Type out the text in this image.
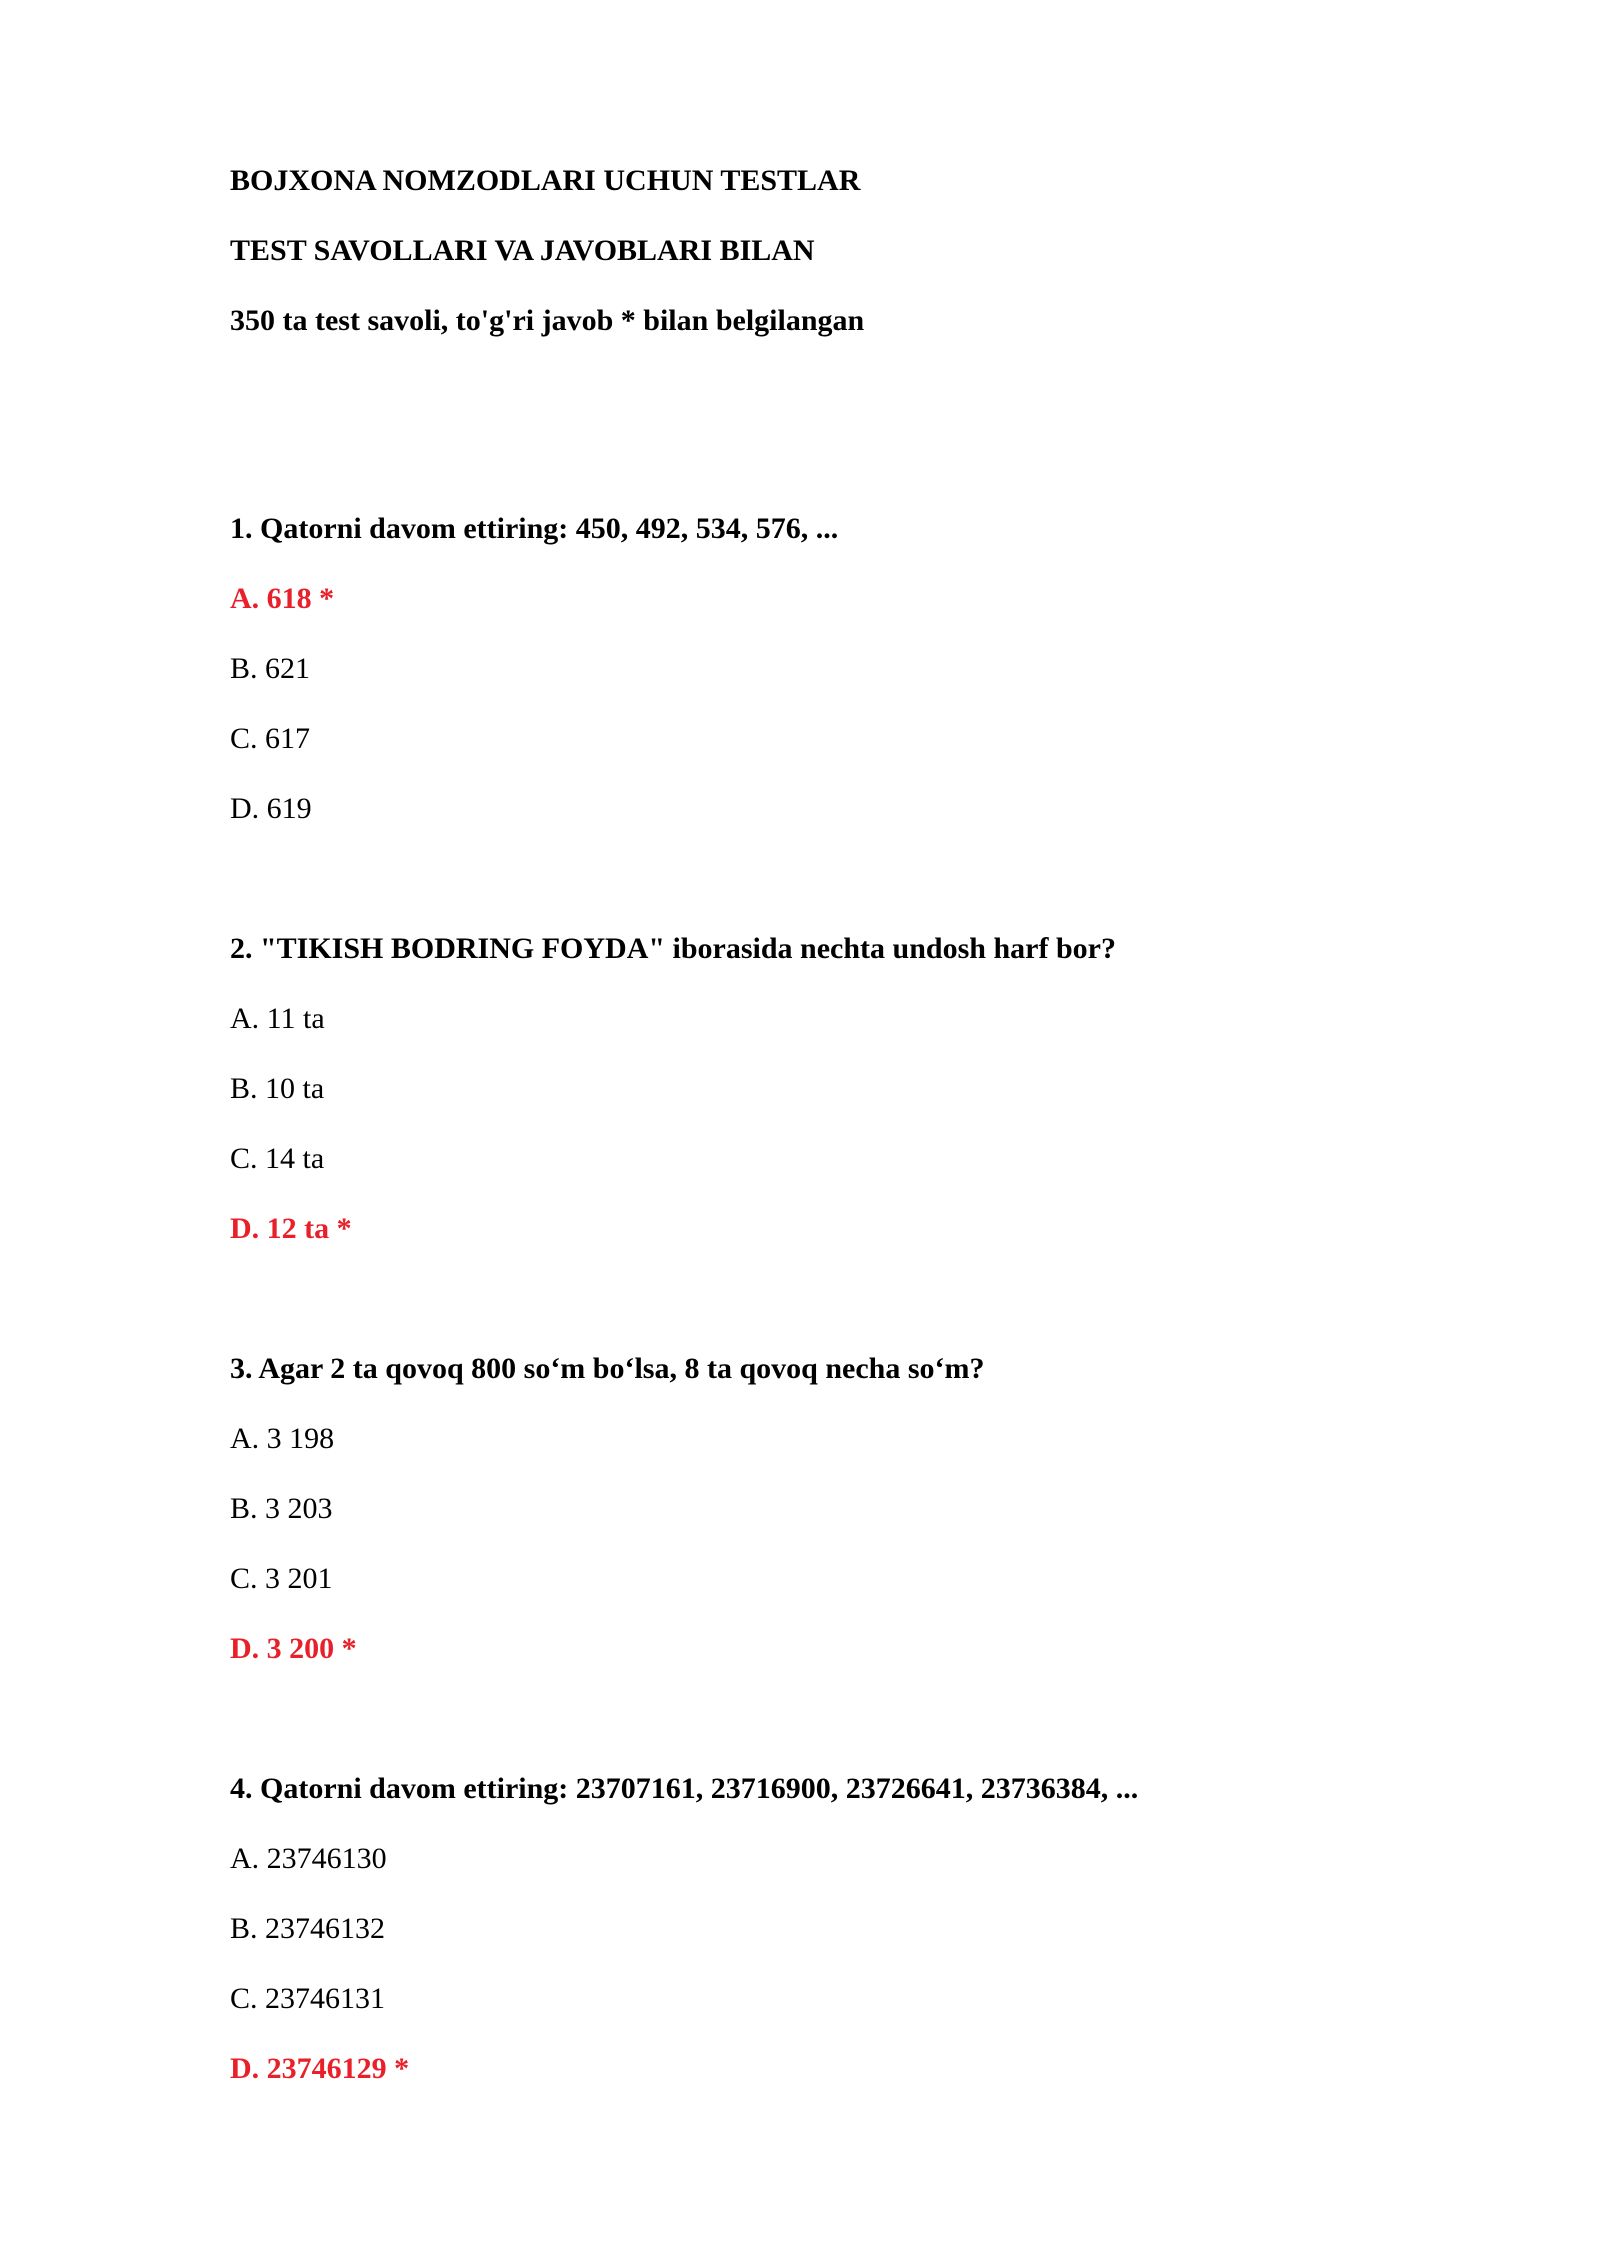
BOJXONA NOMZODLARI UCHUN TESTLAR
TEST SAVOLLARI VA JAVOBLARI BILAN
350 ta test savoli, to'g'ri javob * bilan belgilangan
1. Qatorni davom ettiring: 450, 492, 534, 576, ...
A. 618 *
B. 621
C. 617
D. 619
2. "TIKISH BODRING FOYDA" iborasida nechta undosh harf bor?
A. 11 ta
B. 10 ta
C. 14 ta
D. 12 ta *
3. Agar 2 ta qovoq 800 so‘m bo‘lsa, 8 ta qovoq necha so‘m?
A. 3 198
B. 3 203
C. 3 201
D. 3 200 *
4. Qatorni davom ettiring: 23707161, 23716900, 23726641, 23736384, ...
A. 23746130
B. 23746132
C. 23746131
D. 23746129 *
